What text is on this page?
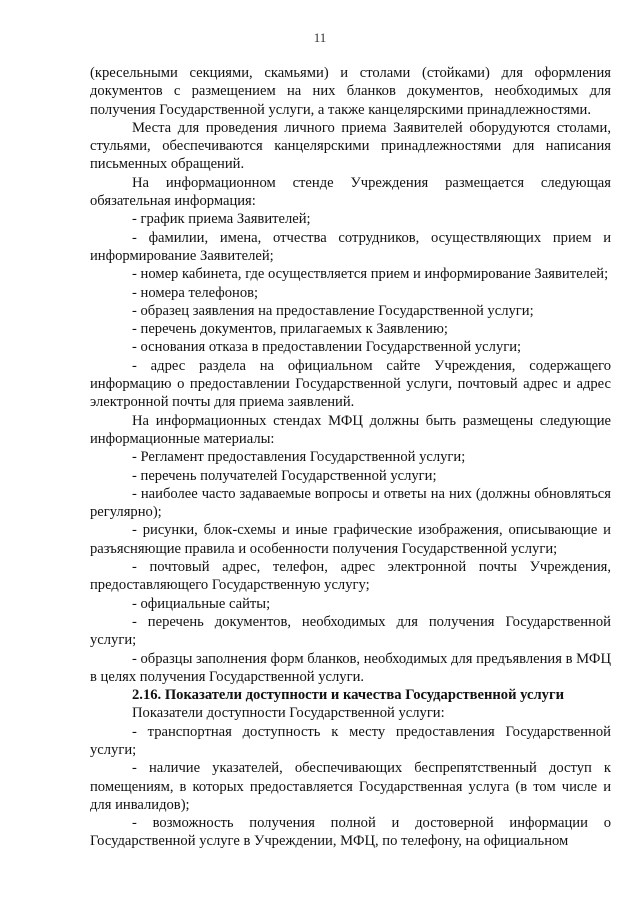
11

(кресельными секциями, скамьями) и столами (стойками) для оформления документов с размещением на них бланков документов, необходимых для получения Государственной услуги, а также канцелярскими принадлежностями.

Места для проведения личного приема Заявителей оборудуются столами, стульями, обеспечиваются канцелярскими принадлежностями для написания письменных обращений.

На информационном стенде Учреждения размещается следующая обязательная информация:

- график приема Заявителей;

- фамилии, имена, отчества сотрудников, осуществляющих прием и информирование Заявителей;

- номер кабинета, где осуществляется прием и информирование Заявителей;

- номера телефонов;

- образец заявления на предоставление Государственной услуги;

- перечень документов, прилагаемых к Заявлению;

- основания отказа в предоставлении Государственной услуги;

- адрес раздела на официальном сайте Учреждения, содержащего информацию о предоставлении Государственной услуги, почтовый адрес и адрес электронной почты для приема заявлений.

На информационных стендах МФЦ должны быть размещены следующие информационные материалы:

- Регламент предоставления Государственной услуги;

- перечень получателей Государственной услуги;

- наиболее часто задаваемые вопросы и ответы на них (должны обновляться регулярно);

- рисунки, блок-схемы и иные графические изображения, описывающие и разъясняющие правила и особенности получения Государственной услуги;

- почтовый адрес, телефон, адрес электронной почты Учреждения, предоставляющего Государственную услугу;

- официальные сайты;

- перечень документов, необходимых для получения Государственной услуги;

- образцы заполнения форм бланков, необходимых для предъявления в МФЦ в целях получения Государственной услуги.

2.16. Показатели доступности и качества Государственной услуги

Показатели доступности Государственной услуги:

- транспортная доступность к месту предоставления Государственной услуги;

- наличие указателей, обеспечивающих беспрепятственный доступ к помещениям, в которых предоставляется Государственная услуга (в том числе и для инвалидов);

- возможность получения полной и достоверной информации о Государственной услуге в Учреждении, МФЦ, по телефону, на официальном
